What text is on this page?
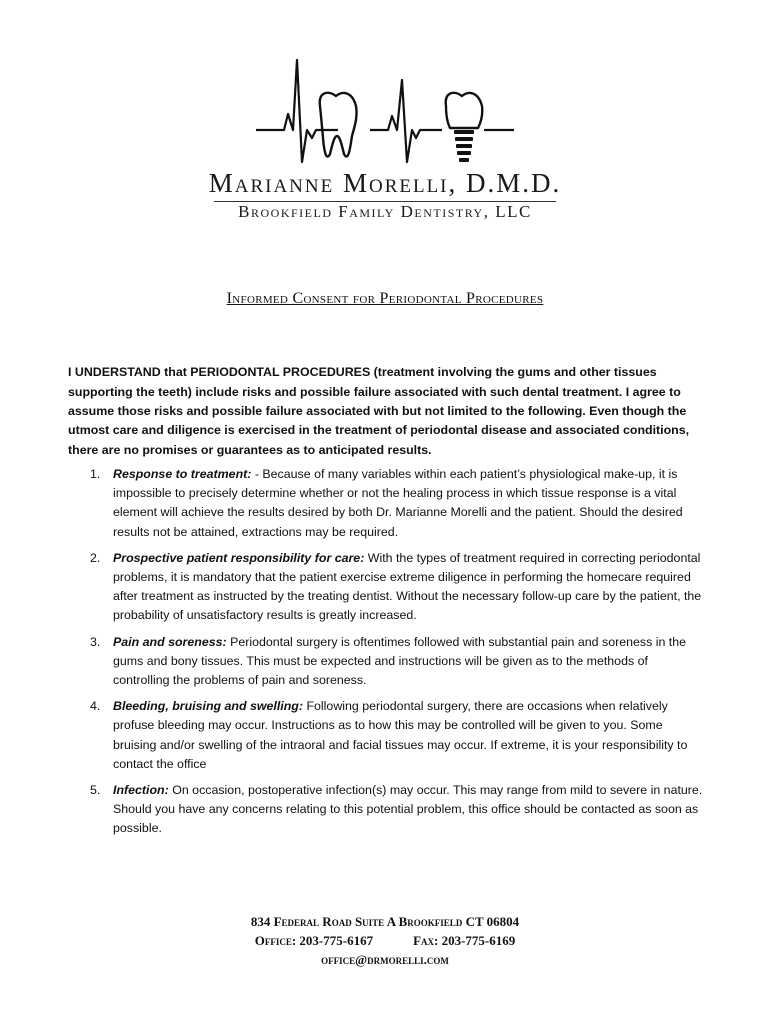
Marianne Morelli, D.M.D.
Brookfield Family Dentistry, LLC
Informed Consent for Periodontal Procedures

I UNDERSTAND that PERIODONTAL PROCEDURES (treatment involving the gums and other tissues supporting the teeth) include risks and possible failure associated with such dental treatment. I agree to assume those risks and possible failure associated with but not limited to the following. Even though the utmost care and diligence is exercised in the treatment of periodontal disease and associated conditions, there are no promises or guarantees as to anticipated results.

1. Response to treatment: - Because of many variables within each patient’s physiological make-up, it is impossible to precisely determine whether or not the healing process in which tissue response is a vital element will achieve the results desired by both Dr. Marianne Morelli and the patient. Should the desired results not be attained, extractions may be required.
2. Prospective patient responsibility for care: With the types of treatment required in correcting periodontal problems, it is mandatory that the patient exercise extreme diligence in performing the homecare required after treatment as instructed by the treating dentist. Without the necessary follow-up care by the patient, the probability of unsatisfactory results is greatly increased.
3. Pain and soreness: Periodontal surgery is oftentimes followed with substantial pain and soreness in the gums and bony tissues. This must be expected and instructions will be given as to the methods of controlling the problems of pain and soreness.
4. Bleeding, bruising and swelling: Following periodontal surgery, there are occasions when relatively profuse bleeding may occur. Instructions as to how this may be controlled will be given to you. Some bruising and/or swelling of the intraoral and facial tissues may occur. If extreme, it is your responsibility to contact the office
5. Infection: On occasion, postoperative infection(s) may occur. This may range from mild to severe in nature. Should you have any concerns relating to this potential problem, this office should be contacted as soon as possible.
834 Federal Road Suite A Brookfield CT 06804
Office: 203-775-6167	Fax: 203-775-6169
office@drmorelli.com
